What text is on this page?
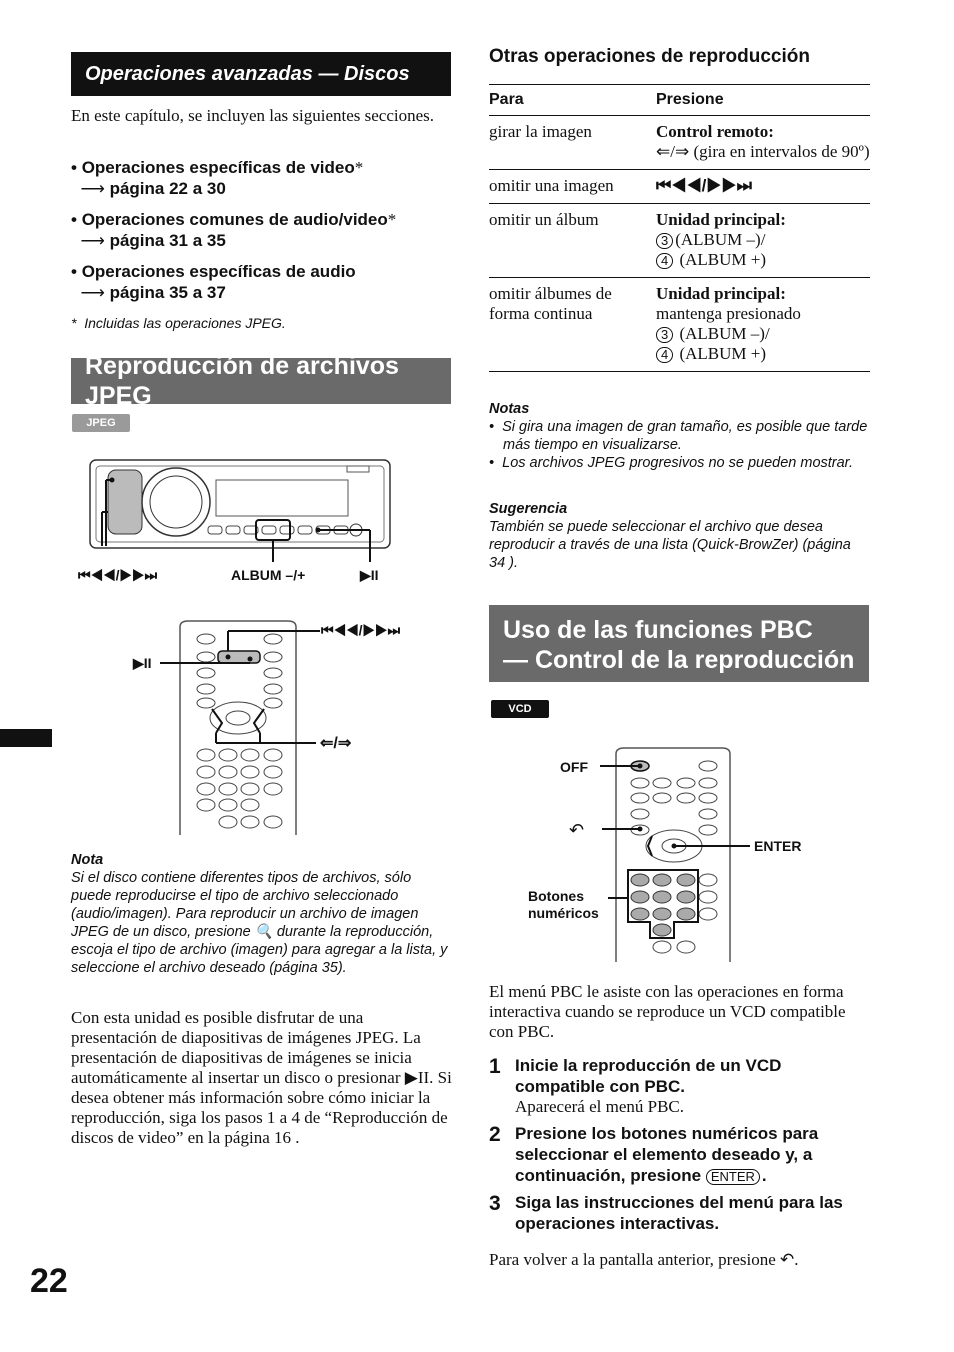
Operaciones avanzadas — Discos
En este capítulo, se incluyen las siguientes secciones.
• Operaciones específicas de video*
⟶ página 22 a 30
• Operaciones comunes de audio/video*
⟶ página 31 a 35
• Operaciones específicas de audio
⟶ página 35 a 37
*  Incluidas las operaciones JPEG.
Reproducción de archivos JPEG
JPEG
⏮◀◀/▶▶⏭	ALBUM –/+	▶II
⏮◀◀/▶▶⏭
▶II
⇐/⇒
Nota
Si el disco contiene diferentes tipos de archivos, sólo puede reproducirse el tipo de archivo seleccionado (audio/imagen). Para reproducir un archivo de imagen JPEG de un disco, presione 🔍 durante la reproducción, escoja el tipo de archivo (imagen) para agregar a la lista, y seleccione el archivo deseado (página 35).
Con esta unidad es posible disfrutar de una presentación de diapositivas de imágenes JPEG. La presentación de diapositivas de imágenes se inicia automáticamente al insertar un disco o presionar ▶II. Si desea obtener más información sobre cómo iniciar la reproducción, siga los pasos 1 a 4 de “Reproducción de discos de video” en la página 16 .
22
Otras operaciones de reproducción
Para	Presione
girar la imagen	Control remoto:
⇐/⇒ (gira en intervalos de 90º)
omitir una imagen	⏮◀◀/▶▶⏭
omitir un álbum	Unidad principal:
3 (ALBUM –)/
4 (ALBUM +)
omitir álbumes de forma continua	Unidad principal:
mantenga presionado
3 (ALBUM –)/
4 (ALBUM +)
Notas
•  Si gira una imagen de gran tamaño, es posible que tarde más tiempo en visualizarse.
•  Los archivos JPEG progresivos no se pueden mostrar.
Sugerencia
También se puede seleccionar el archivo que desea reproducir a través de una lista (Quick-BrowZer) (página 34 ).
Uso de las funciones PBC
— Control de la reproducción
VCD
OFF
↶
ENTER
Botones
numéricos
El menú PBC le asiste con las operaciones en forma interactiva cuando se reproduce un VCD compatible con PBC.
1 Inicie la reproducción de un VCD compatible con PBC.
Aparecerá el menú PBC.
2 Presione los botones numéricos para seleccionar el elemento deseado y, a continuación, presione ENTER .
3 Siga las instrucciones del menú para las operaciones interactivas.
Para volver a la pantalla anterior, presione ↶.
